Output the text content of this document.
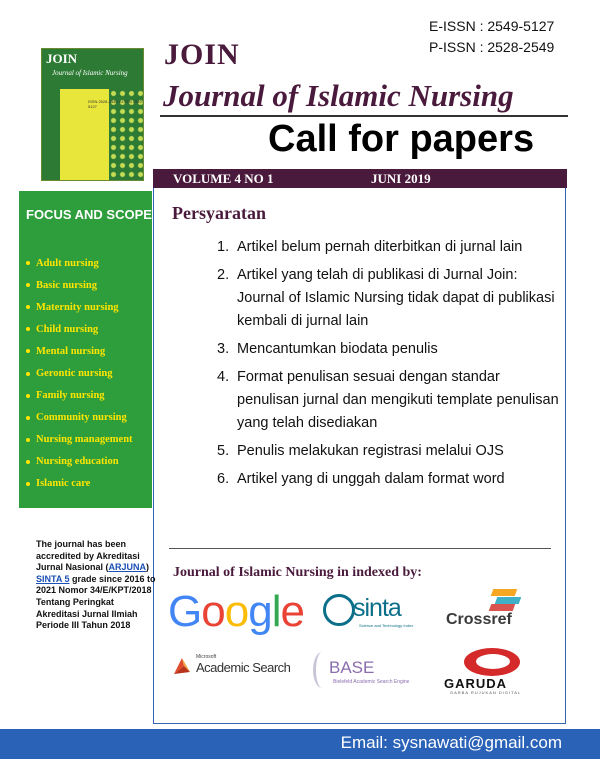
E-ISSN : 2549-5127
P-ISSN : 2528-2549
JOIN
Journal of Islamic Nursing
ISSN 2528-2549 e-ISSN 2549-5127
JOIN
Journal of Islamic Nursing
Call for papers
VOLUME 4 NO 1	JUNI 2019
FOCUS AND SCOPE
Adult nursing
Basic nursing
Maternity nursing
Child nursing
Mental nursing
Gerontic nursing
Family nursing
Community nursing
Nursing management
Nursing education
Islamic care
The journal has been accredited by Akreditasi Jurnal Nasional (ARJUNA)
SINTA 5 grade since 2016 to 2021 Nomor 34/E/KPT/2018 Tentang Peringkat Akreditasi Jurnal Ilmiah Periode III Tahun 2018
Persyaratan
1. Artikel belum pernah diterbitkan di jurnal lain
2. Artikel yang telah di publikasi di Jurnal Join: Journal of Islamic Nursing tidak dapat di publikasi kembali di jurnal lain
3. Mencantumkan biodata penulis
4. Format penulisan sesuai dengan standar penulisan jurnal dan mengikuti template penulisan yang telah disediakan
5. Penulis melakukan registrasi melalui OJS
6. Artikel yang di unggah dalam format word
Journal of Islamic Nursing in indexed by:
Google sinta
Science and Technology Index Crossref
Microsoft
Academic Search BASE
Bielefeld Academic Search Engine	GARUDA
GARBA RUJUKAN DIGITAL
Email: sysnawati@gmail.com
